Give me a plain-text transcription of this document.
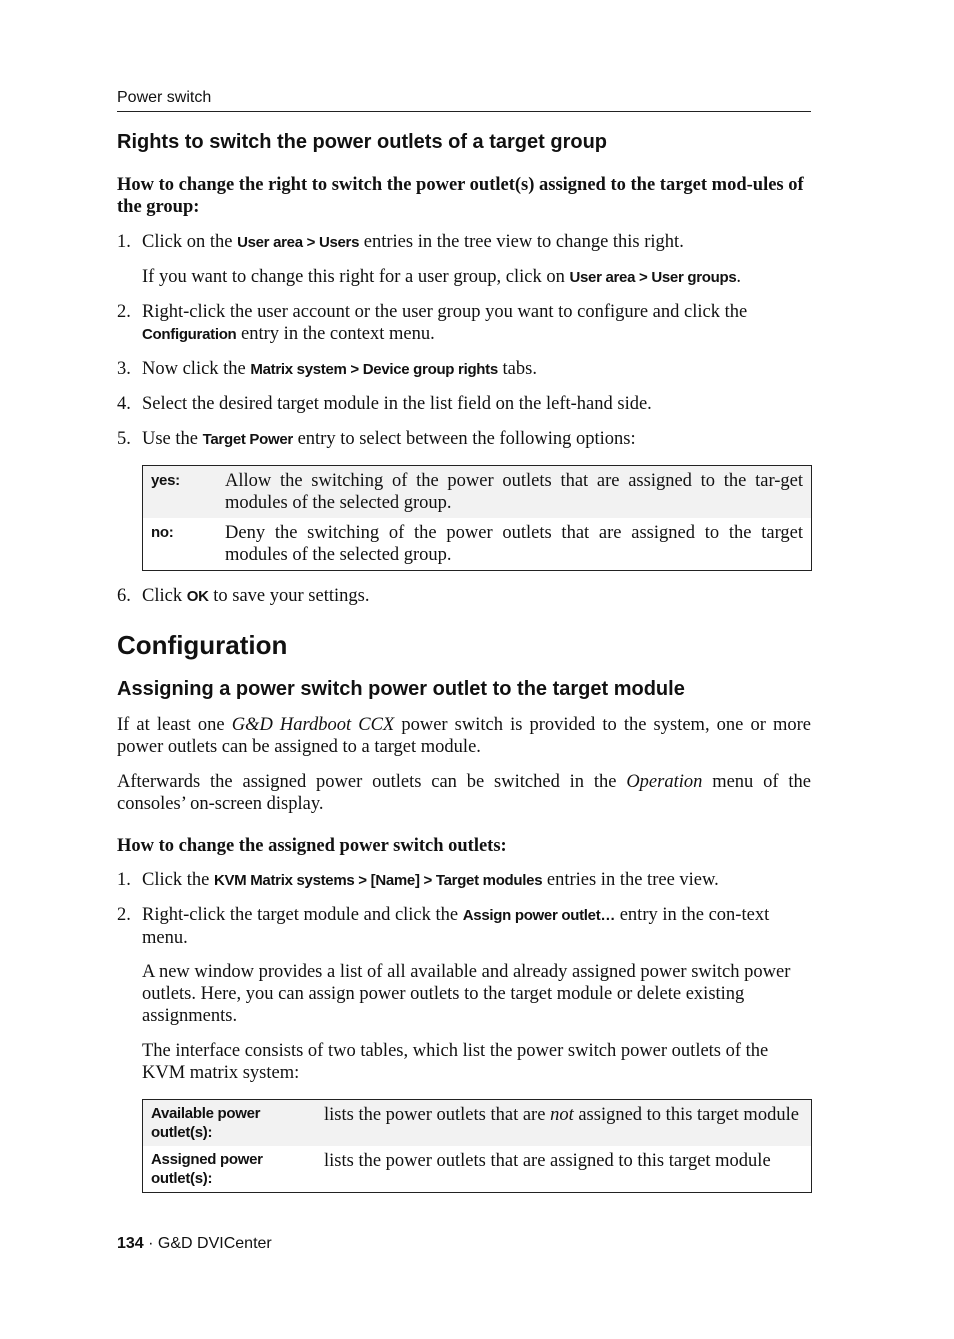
Power switch
Rights to switch the power outlets of a target group
How to change the right to switch the power outlet(s) assigned to the target mod-ules of the group:
1. Click on the User area > Users entries in the tree view to change this right.
If you want to change this right for a user group, click on User area > User groups.
2. Right-click the user account or the user group you want to configure and click the Configuration entry in the context menu.
3. Now click the Matrix system > Device group rights tabs.
4. Select the desired target module in the list field on the left-hand side.
5. Use the Target Power entry to select between the following options:
yes:	Allow the switching of the power outlets that are assigned to the tar-get modules of the selected group.
no:	Deny the switching of the power outlets that are assigned to the target modules of the selected group.
6. Click OK to save your settings.
Configuration
Assigning a power switch power outlet to the target module
If at least one G&D Hardboot CCX power switch is provided to the system, one or more power outlets can be assigned to a target module.
Afterwards the assigned power outlets can be switched in the Operation menu of the consoles’ on-screen display.
How to change the assigned power switch outlets:
1. Click the KVM Matrix systems > [Name] > Target modules entries in the tree view.
2. Right-click the target module and click the Assign power outlet… entry in the con-text menu.
A new window provides a list of all available and already assigned power switch power outlets. Here, you can assign power outlets to the target module or delete existing assignments.
The interface consists of two tables, which list the power switch power outlets of the KVM matrix system:
Available power outlet(s):	lists the power outlets that are not assigned to this target module
Assigned power outlet(s):	lists the power outlets that are assigned to this target module
134 · G&D DVICenter
